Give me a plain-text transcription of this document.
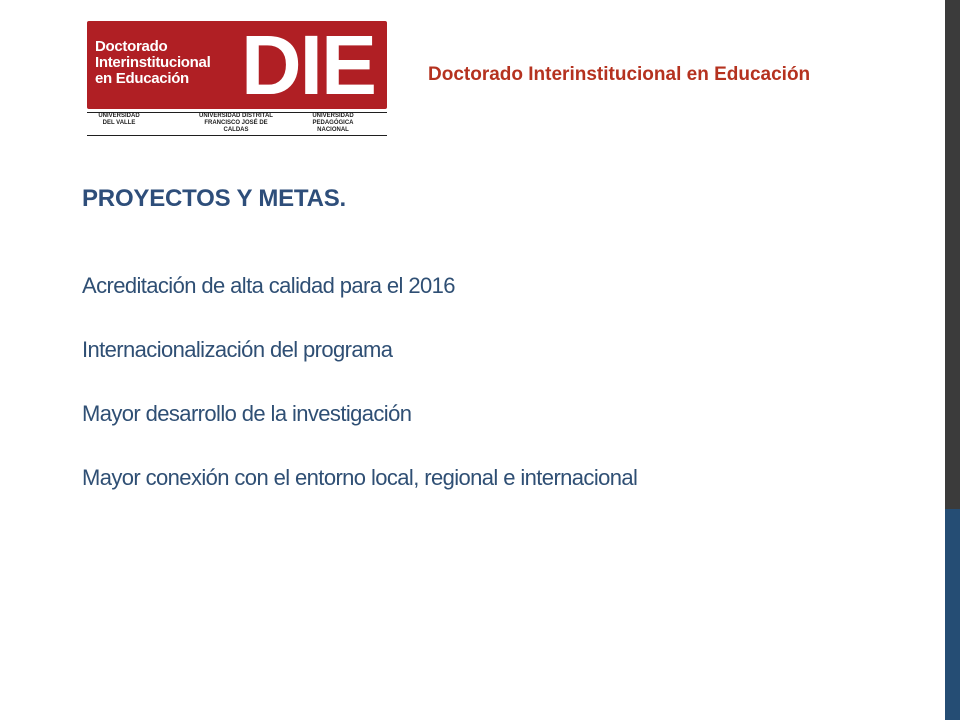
Doctorado
Interinstitucional
en Educación DIE
UNIVERSIDAD
DEL VALLE
UNIVERSIDAD DISTRITAL
FRANCISCO JOSÉ DE
CALDAS
UNIVERSIDAD
PEDAGÓGICA
NACIONAL
Doctorado Interinstitucional en Educación
PROYECTOS Y METAS.
Acreditación de alta calidad para el 2016
Internacionalización del programa
Mayor desarrollo de la investigación
Mayor conexión con el entorno local, regional e internacional
